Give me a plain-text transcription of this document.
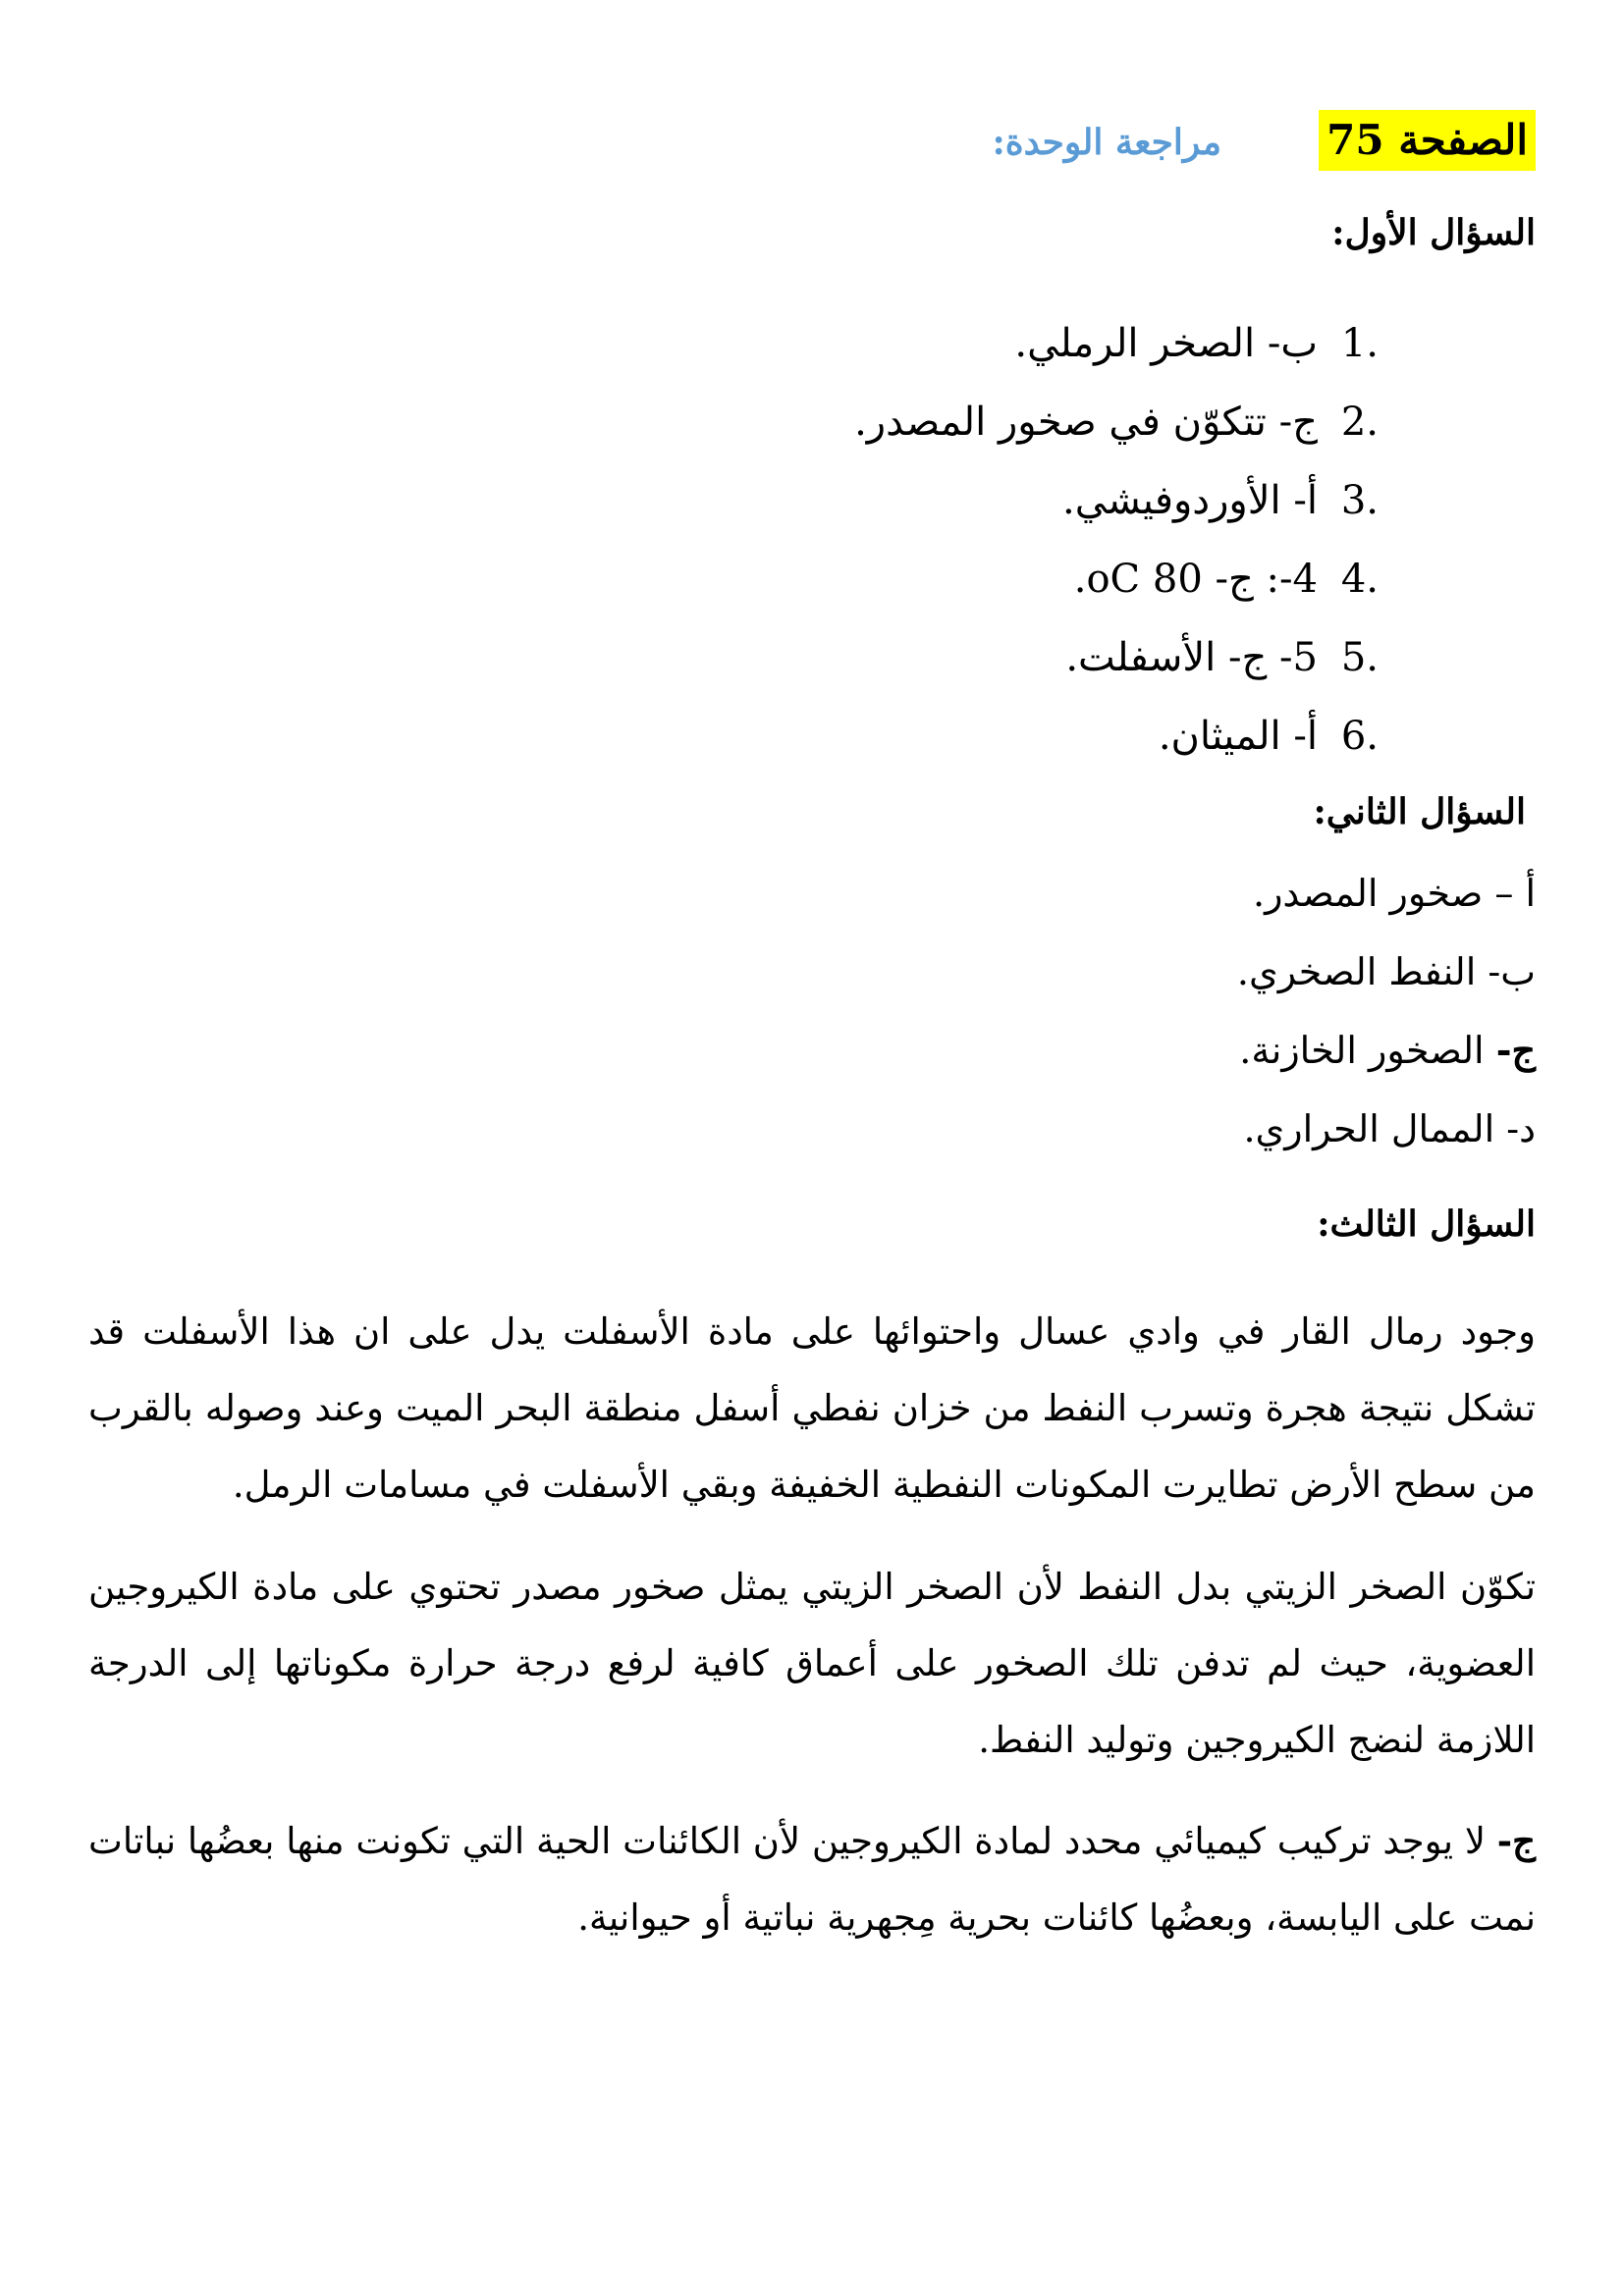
الصفحة 75
مراجعة الوحدة:
السؤال الأول:
1.ب- الصخر الرملي.
2.ج- تتكوّن في صخور المصدر.
3.أ- الأوردوفيشي.
4.4-: ج- 80 oC.
5.5- ج- الأسفلت.
6.أ- الميثان.
السؤال الثاني:
أ – صخور المصدر.
ب- النفط الصخري.
ج- الصخور الخازنة.
د- الممال الحراري.
السؤال الثالث:

وجود رمال القار في وادي عسال واحتوائها على مادة الأسفلت يدل على ان هذا الأسفلت قد تشكل نتيجة هجرة وتسرب النفط من خزان نفطي أسفل منطقة البحر الميت وعند وصوله بالقرب من سطح الأرض تطايرت المكونات النفطية الخفيفة وبقي الأسفلت في مسامات الرمل.

تكوّن الصخر الزيتي بدل النفط لأن الصخر الزيتي يمثل صخور مصدر تحتوي على مادة الكيروجين العضوية، حيث لم تدفن تلك الصخور على أعماق كافية لرفع درجة حرارة مكوناتها إلى الدرجة اللازمة لنضج الكيروجين وتوليد النفط.

ج- لا يوجد تركيب كيميائي محدد لمادة الكيروجين لأن الكائنات الحية التي تكونت منها بعضُها نباتات نمت على اليابسة، وبعضُها كائنات بحرية مِجهرية نباتية أو حيوانية.
